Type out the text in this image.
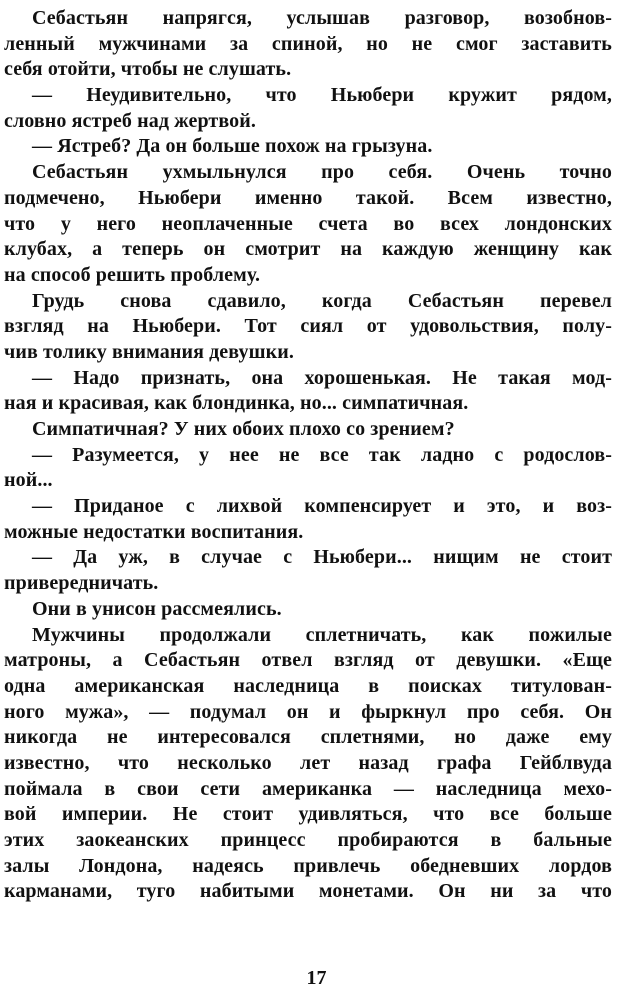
Себастьян напрягся, услышав разговор, возобнов-
ленный мужчинами за спиной, но не смог заставить
себя отойти, чтобы не слушать.
— Неудивительно, что Ньюбери кружит рядом,
словно ястреб над жертвой.
— Ястреб? Да он больше похож на грызуна.
Себастьян ухмыльнулся про себя. Очень точно
подмечено, Ньюбери именно такой. Всем известно,
что у него неоплаченные счета во всех лондонских
клубах, а теперь он смотрит на каждую женщину как
на способ решить проблему.
Грудь снова сдавило, когда Себастьян перевел
взгляд на Ньюбери. Тот сиял от удовольствия, полу-
чив толику внимания девушки.
— Надо признать, она хорошенькая. Не такая мод-
ная и красивая, как блондинка, но... симпатичная.
Симпатичная? У них обоих плохо со зрением?
— Разумеется, у нее не все так ладно с родослов-
ной...
— Приданое с лихвой компенсирует и это, и воз-
можные недостатки воспитания.
— Да уж, в случае с Ньюбери... нищим не стоит
привередничать.
Они в унисон рассмеялись.
Мужчины продолжали сплетничать, как пожилые
матроны, а Себастьян отвел взгляд от девушки. «Еще
одна американская наследница в поисках титулован-
ного мужа», — подумал он и фыркнул про себя. Он
никогда не интересовался сплетнями, но даже ему
известно, что несколько лет назад графа Гейблвуда
поймала в свои сети американка — наследница мехо-
вой империи. Не стоит удивляться, что все больше
этих заокеанских принцесс пробираются в бальные
залы Лондона, надеясь привлечь обедневших лордов
карманами, туго набитыми монетами. Он ни за что
17
